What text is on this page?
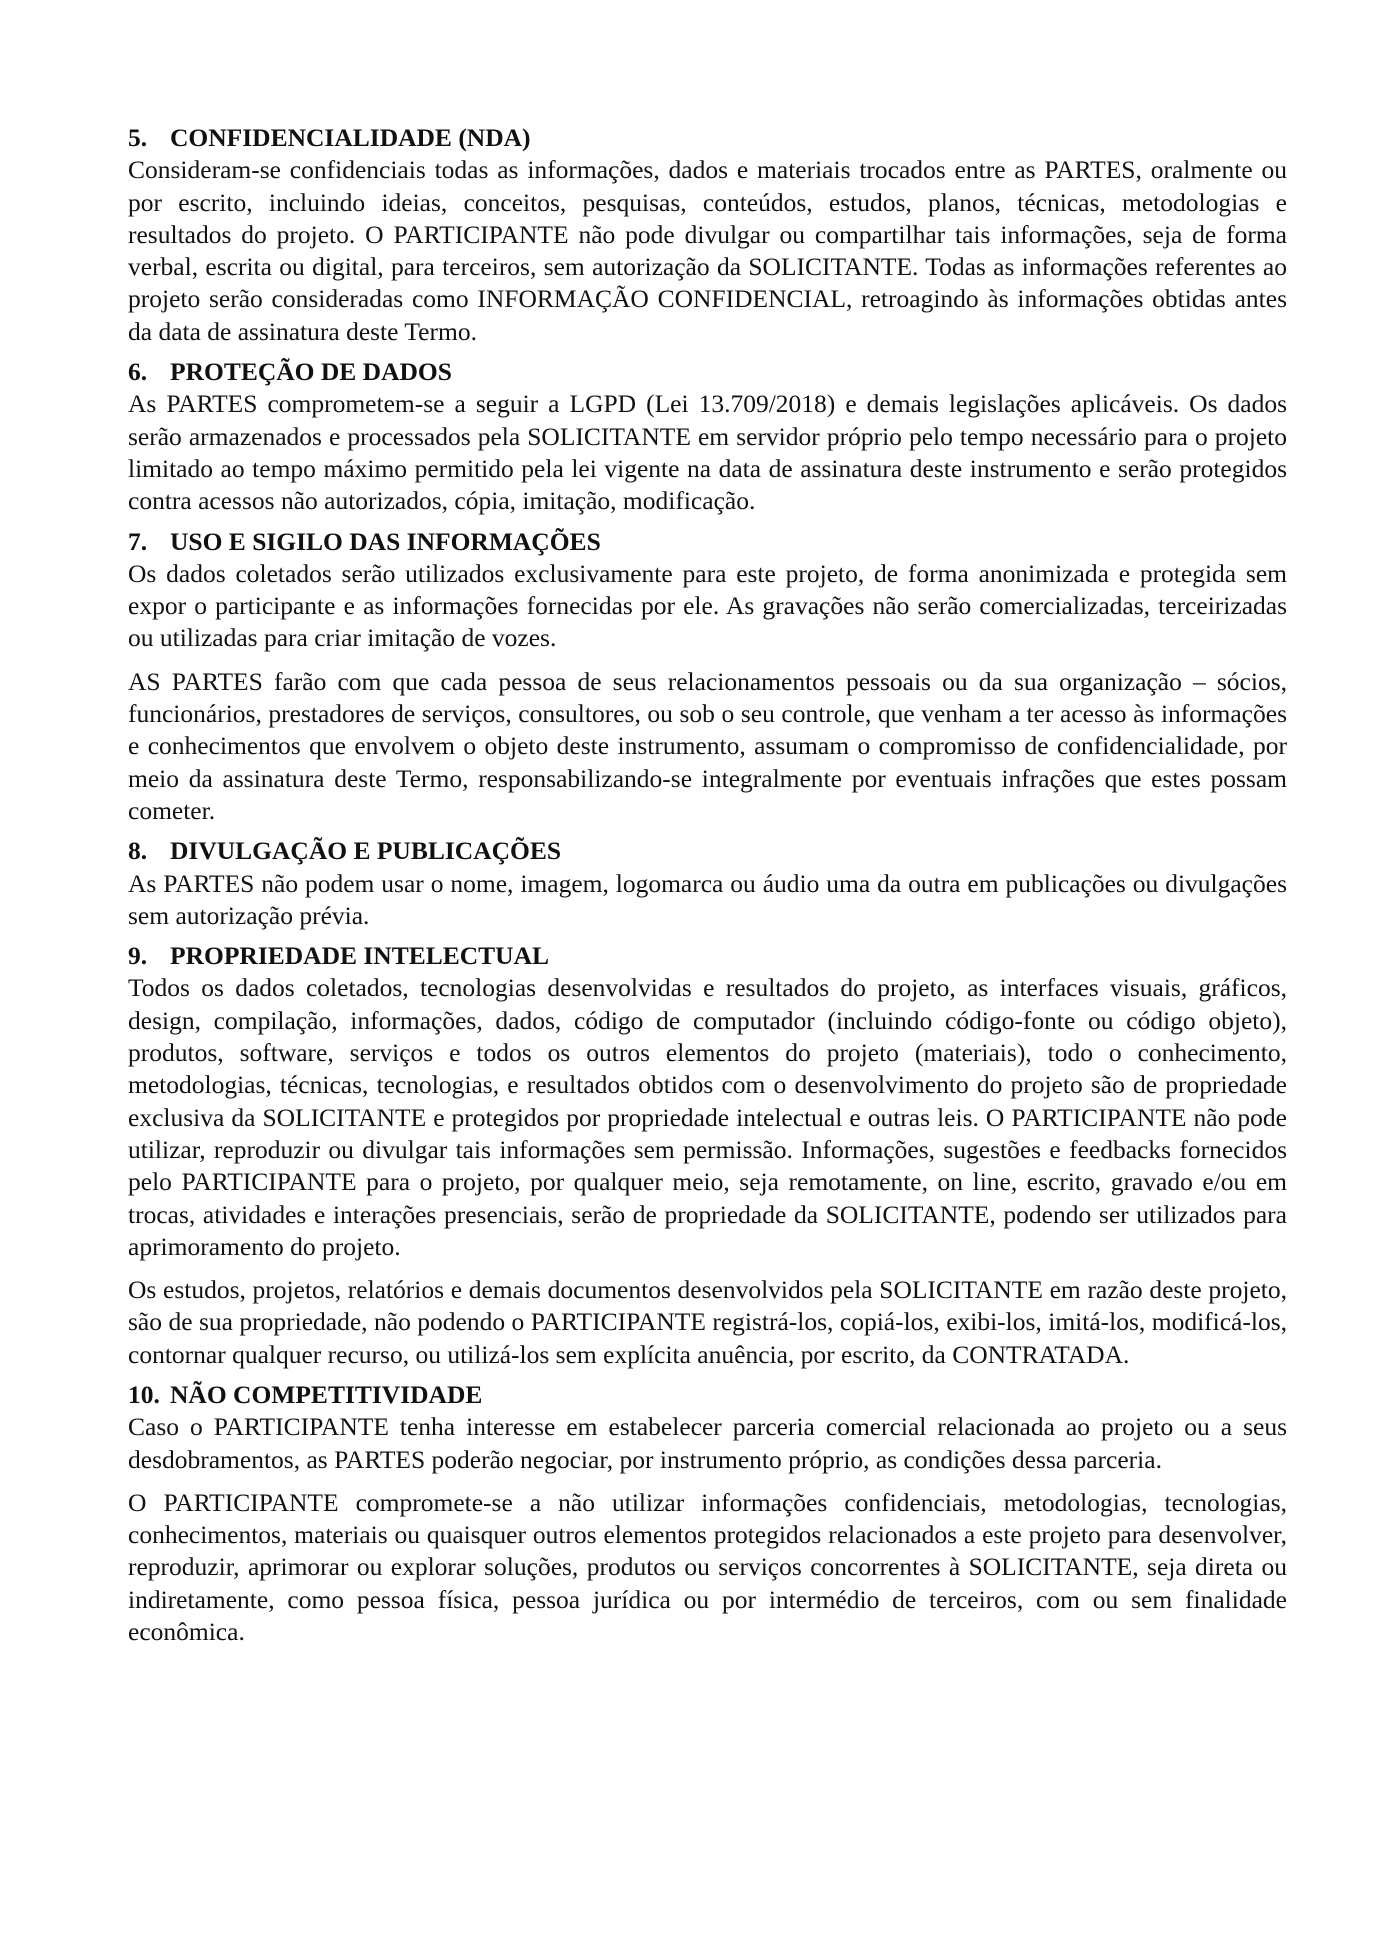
5. CONFIDENCIALIDADE (NDA)

Consideram-se confidenciais todas as informações, dados e materiais trocados entre as PARTES, oralmente ou por escrito, incluindo ideias, conceitos, pesquisas, conteúdos, estudos, planos, técnicas, metodologias e resultados do projeto. O PARTICIPANTE não pode divulgar ou compartilhar tais informações, seja de forma verbal, escrita ou digital, para terceiros, sem autorização da SOLICITANTE. Todas as informações referentes ao projeto serão consideradas como INFORMAÇÃO CONFIDENCIAL, retroagindo às informações obtidas antes da data de assinatura deste Termo.

6. PROTEÇÃO DE DADOS

As PARTES comprometem-se a seguir a LGPD (Lei 13.709/2018) e demais legislações aplicáveis. Os dados serão armazenados e processados pela SOLICITANTE em servidor próprio pelo tempo necessário para o projeto limitado ao tempo máximo permitido pela lei vigente na data de assinatura deste instrumento e serão protegidos contra acessos não autorizados, cópia, imitação, modificação.

7. USO E SIGILO DAS INFORMAÇÕES

Os dados coletados serão utilizados exclusivamente para este projeto, de forma anonimizada e protegida sem expor o participante e as informações fornecidas por ele. As gravações não serão comercializadas, terceirizadas ou utilizadas para criar imitação de vozes.

AS PARTES farão com que cada pessoa de seus relacionamentos pessoais ou da sua organização – sócios, funcionários, prestadores de serviços, consultores, ou sob o seu controle, que venham a ter acesso às informações e conhecimentos que envolvem o objeto deste instrumento, assumam o compromisso de confidencialidade, por meio da assinatura deste Termo, responsabilizando-se integralmente por eventuais infrações que estes possam cometer.

8. DIVULGAÇÃO E PUBLICAÇÕES

As PARTES não podem usar o nome, imagem, logomarca ou áudio uma da outra em publicações ou divulgações sem autorização prévia.

9. PROPRIEDADE INTELECTUAL

Todos os dados coletados, tecnologias desenvolvidas e resultados do projeto, as interfaces visuais, gráficos, design, compilação, informações, dados, código de computador (incluindo código-fonte ou código objeto), produtos, software, serviços e todos os outros elementos do projeto (materiais), todo o conhecimento, metodologias, técnicas, tecnologias, e resultados obtidos com o desenvolvimento do projeto são de propriedade exclusiva da SOLICITANTE e protegidos por propriedade intelectual e outras leis. O PARTICIPANTE não pode utilizar, reproduzir ou divulgar tais informações sem permissão. Informações, sugestões e feedbacks fornecidos pelo PARTICIPANTE para o projeto, por qualquer meio, seja remotamente, on line, escrito, gravado e/ou em trocas, atividades e interações presenciais, serão de propriedade da SOLICITANTE, podendo ser utilizados para aprimoramento do projeto.

Os estudos, projetos, relatórios e demais documentos desenvolvidos pela SOLICITANTE em razão deste projeto, são de sua propriedade, não podendo o PARTICIPANTE registrá-los, copiá-los, exibi-los, imitá-los, modificá-los, contornar qualquer recurso, ou utilizá-los sem explícita anuência, por escrito, da CONTRATADA.

10. NÃO COMPETITIVIDADE

Caso o PARTICIPANTE tenha interesse em estabelecer parceria comercial relacionada ao projeto ou a seus desdobramentos, as PARTES poderão negociar, por instrumento próprio, as condições dessa parceria.

O PARTICIPANTE compromete-se a não utilizar informações confidenciais, metodologias, tecnologias, conhecimentos, materiais ou quaisquer outros elementos protegidos relacionados a este projeto para desenvolver, reproduzir, aprimorar ou explorar soluções, produtos ou serviços concorrentes à SOLICITANTE, seja direta ou indiretamente, como pessoa física, pessoa jurídica ou por intermédio de terceiros, com ou sem finalidade econômica.
